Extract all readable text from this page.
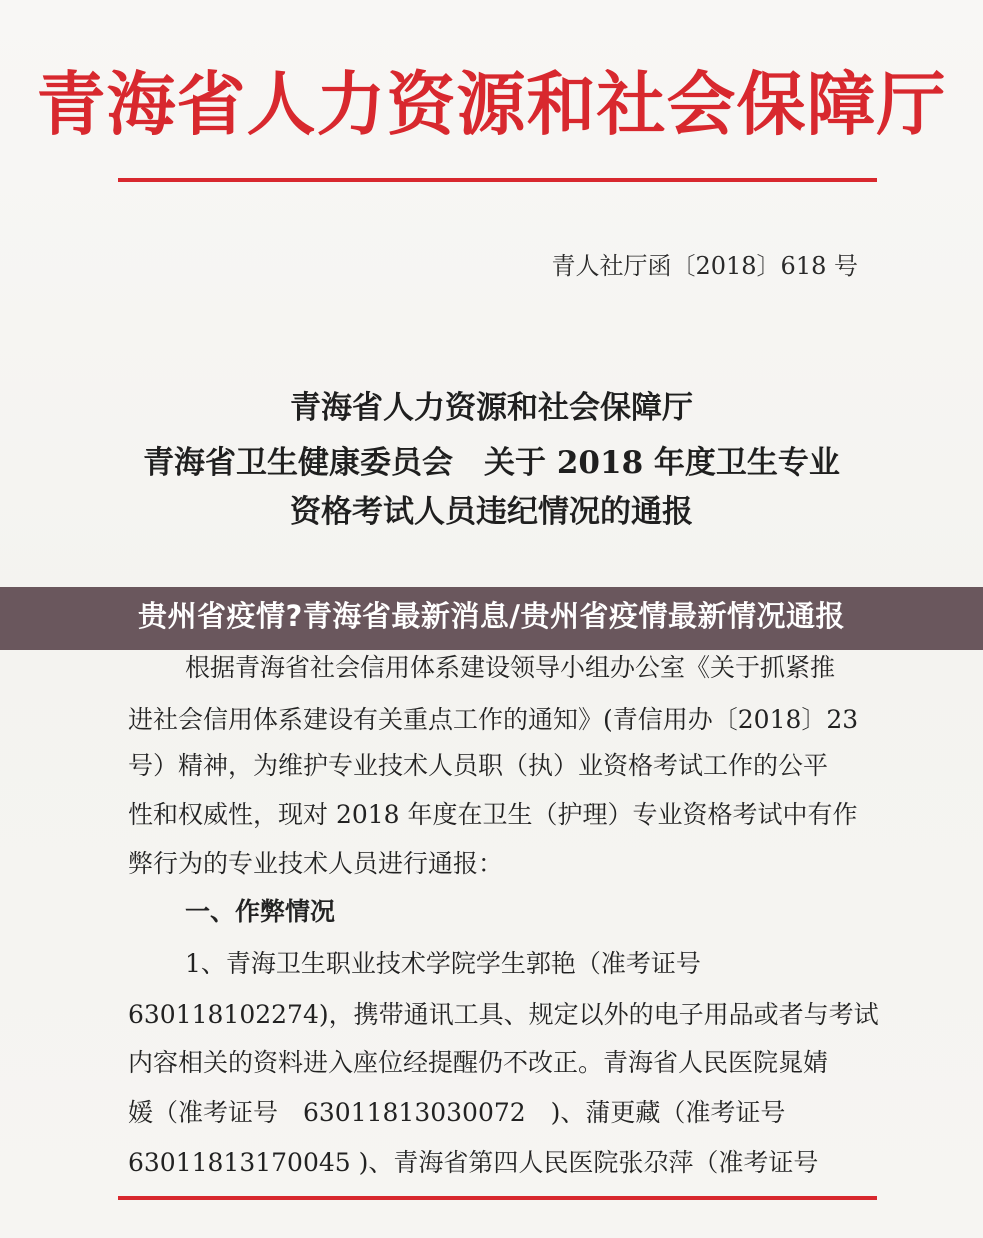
青海省人力资源和社会保障厅
青人社厅函〔2018〕618 号
青海省人力资源和社会保障厅
青海省卫生健康委员会　关于 2018 年度卫生专业
资格考试人员违纪情况的通报
贵州省疫情?青海省最新消息/贵州省疫情最新情况通报
根据青海省社会信用体系建设领导小组办公室《关于抓紧推
进社会信用体系建设有关重点工作的通知》(青信用办〔2018〕23
号）精神，为维护专业技术人员职（执）业资格考试工作的公平
性和权威性，现对 2018 年度在卫生（护理）专业资格考试中有作
弊行为的专业技术人员进行通报：
一、作弊情况
1、青海卫生职业技术学院学生郭艳（准考证号
630118102274)，携带通讯工具、规定以外的电子用品或者与考试
内容相关的资料进入座位经提醒仍不改正。青海省人民医院晁婧
媛（准考证号　63011813030072　)、蒲更藏（准考证号
63011813170045 )、青海省第四人民医院张尕萍（准考证号
